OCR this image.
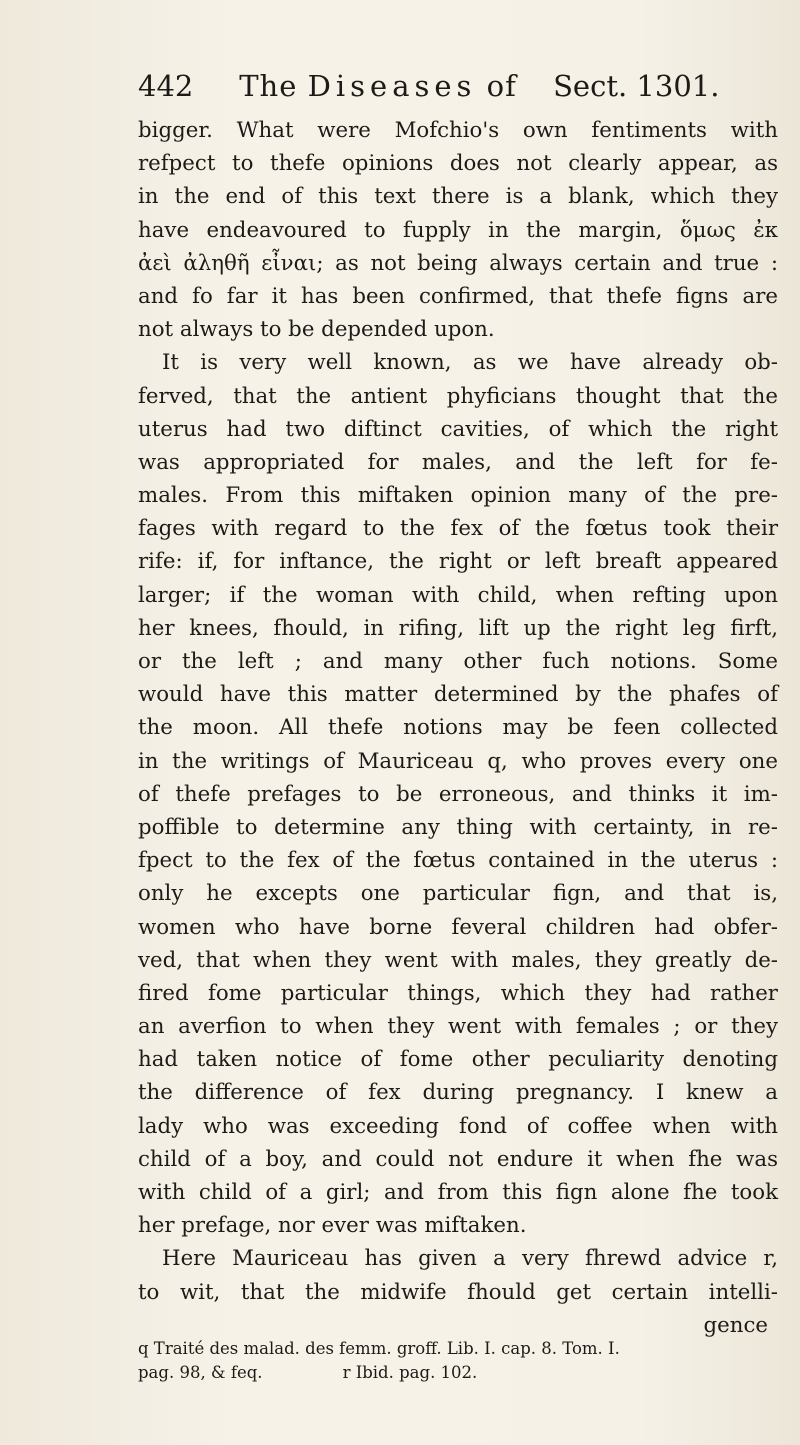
442 The Diseases of Sect. 1301.
bigger. What were Mofchio's own fentiments with
refpect to thefe opinions does not clearly appear, as
in the end of this text there is a blank, which they
have endeavoured to fupply in the margin, ὅμως ἐκ
ἀεὶ ἀληθῆ εἶναι; as not being always certain and true :
and fo far it has been confirmed, that thefe figns are
not always to be depended upon.
It is very well known, as we have already ob-
ferved, that the antient phyficians thought that the
uterus had two diftinct cavities, of which the right
was appropriated for males, and the left for fe-
males. From this miftaken opinion many of the pre-
fages with regard to the fex of the fœtus took their
rife: if, for inftance, the right or left breaft appeared
larger; if the woman with child, when refting upon
her knees, fhould, in rifing, lift up the right leg firft,
or the left ; and many other fuch notions. Some
would have this matter determined by the phafes of
the moon. All thefe notions may be feen collected
in the writings of Mauriceau q, who proves every one
of thefe prefages to be erroneous, and thinks it im-
poffible to determine any thing with certainty, in re-
fpect to the fex of the fœtus contained in the uterus :
only he excepts one particular fign, and that is,
women who have borne feveral children had obfer-
ved, that when they went with males, they greatly de-
fired fome particular things, which they had rather
an averfion to when they went with females ; or they
had taken notice of fome other peculiarity denoting
the difference of fex during pregnancy. I knew a
lady who was exceeding fond of coffee when with
child of a boy, and could not endure it when fhe was
with child of a girl; and from this fign alone fhe took
her prefage, nor ever was miftaken.
Here Mauriceau has given a very fhrewd advice r,
to wit, that the midwife fhould get certain intelli-
gence
q Traité des malad. des femm. groff. Lib. I. cap. 8. Tom. I.
pag. 98, & feq.	r Ibid. pag. 102.
